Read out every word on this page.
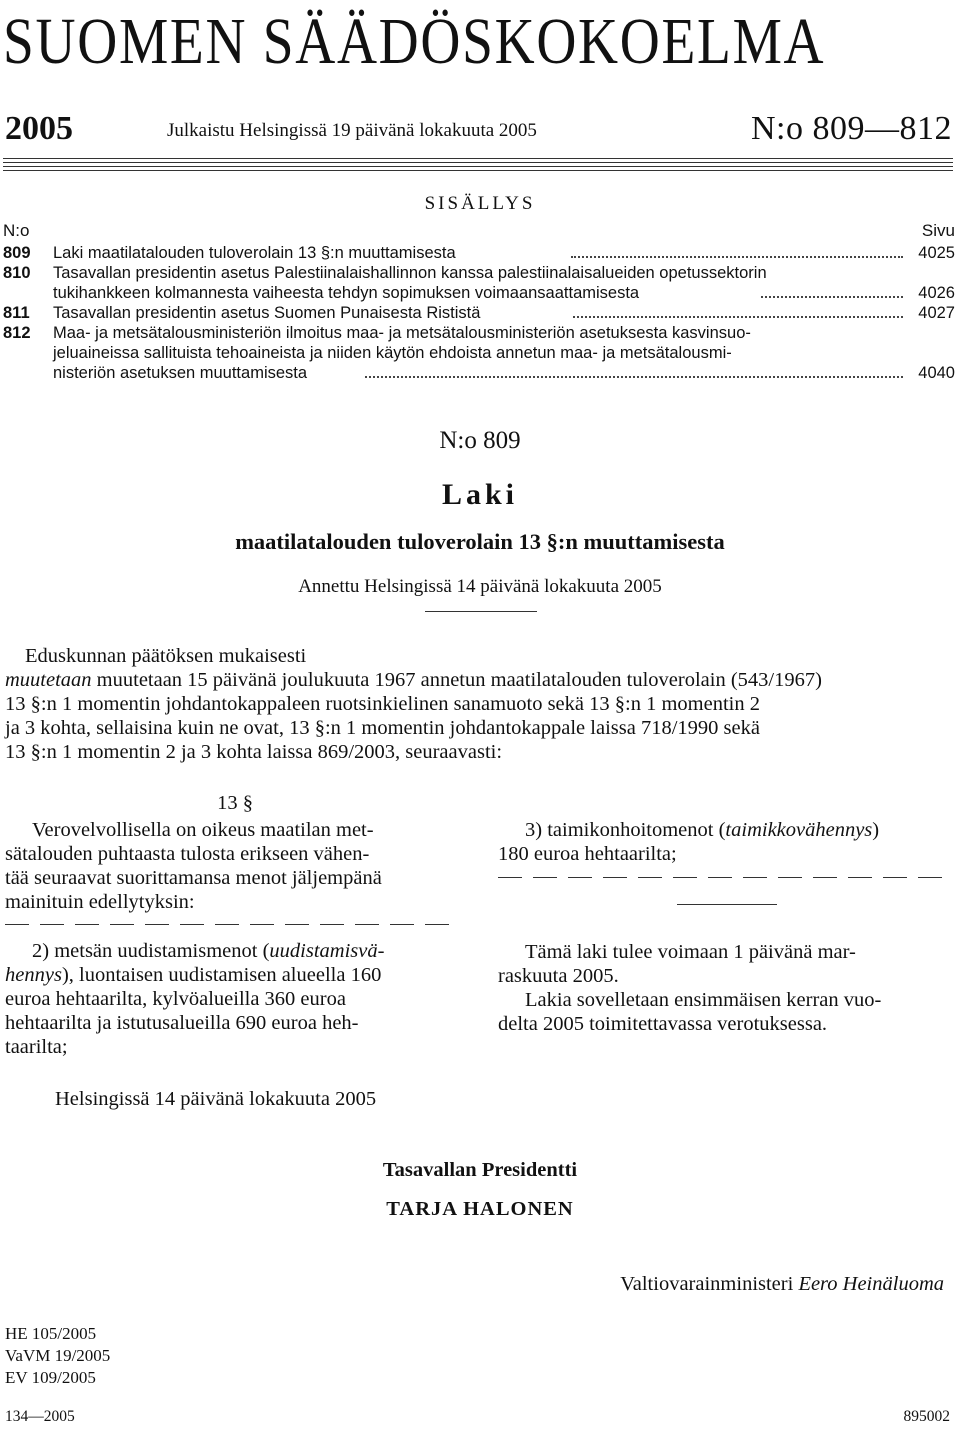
SUOMEN SÄÄDÖSKOKOELMA
2005	Julkaistu Helsingissä 19 päivänä lokakuuta 2005	N:o 809—812
SISÄLLYS
N:o	Sivu
809 Laki maatilatalouden tuloverolain 13 §:n muuttamisesta	4025
810 Tasavallan presidentin asetus Palestiinalaishallinnon kanssa palestiinalaisalueiden opetussektorin
tukihankkeen kolmannesta vaiheesta tehdyn sopimuksen voimaansaattamisesta	4026
811 Tasavallan presidentin asetus Suomen Punaisesta Rististä	4027
812 Maa- ja metsätalousministeriön ilmoitus maa- ja metsätalousministeriön asetuksesta kasvinsuo-
jeluaineissa sallituista tehoaineista ja niiden käytön ehdoista annetun maa- ja metsätalousmi-
nisteriön asetuksen muuttamisesta	4040
N:o 809
Laki
maatilatalouden tuloverolain 13 §:n muuttamisesta
Annettu Helsingissä 14 päivänä lokakuuta 2005
Eduskunnan päätöksen mukaisesti
muutetaan muutetaan 15 päivänä joulukuuta 1967 annetun maatilatalouden tuloverolain (543/1967)
13 §:n 1 momentin johdantokappaleen ruotsinkielinen sanamuoto sekä 13 §:n 1 momentin 2
ja 3 kohta, sellaisina kuin ne ovat, 13 §:n 1 momentin johdantokappale laissa 718/1990 sekä
13 §:n 1 momentin 2 ja 3 kohta laissa 869/2003, seuraavasti:
13 §
Verovelvollisella on oikeus maatilan met-
sätalouden puhtaasta tulosta erikseen vähen-
tää seuraavat suorittamansa menot jäljempänä
mainituin edellytyksin:
2) metsän uudistamismenot (uudistamisvä-
hennys), luontaisen uudistamisen alueella 160
euroa hehtaarilta, kylvöalueilla 360 euroa
hehtaarilta ja istutusalueilla 690 euroa heh-
taarilta;
3) taimikonhoitomenot (taimikkovähennys)
180 euroa hehtaarilta;
Tämä laki tulee voimaan 1 päivänä mar-
raskuuta 2005.
Lakia sovelletaan ensimmäisen kerran vuo-
delta 2005 toimitettavassa verotuksessa.
Helsingissä 14 päivänä lokakuuta 2005
Tasavallan Presidentti
TARJA HALONEN
Valtiovarainministeri Eero Heinäluoma
HE 105/2005
VaVM 19/2005
EV 109/2005
134—2005	895002
